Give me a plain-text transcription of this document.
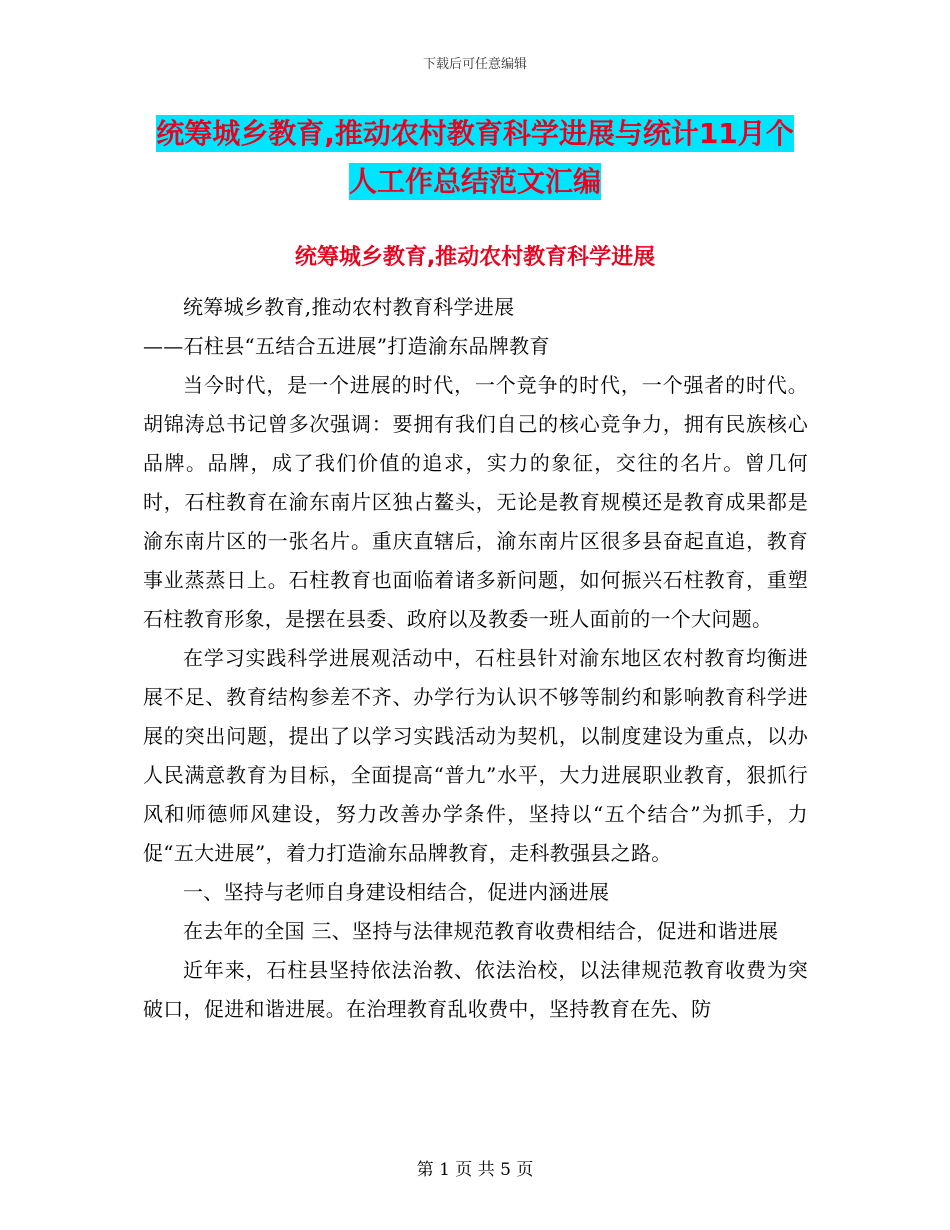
下载后可任意编辑
统筹城乡教育,推动农村教育科学进展与统计11月个
人工作总结范文汇编
统筹城乡教育,推动农村教育科学进展

统筹城乡教育,推动农村教育科学进展

——石柱县“五结合五进展”打造渝东品牌教育

当今时代，是一个进展的时代，一个竞争的时代，一个强者的时代。胡锦涛总书记曾多次强调：要拥有我们自己的核心竞争力，拥有民族核心品牌。品牌，成了我们价值的追求，实力的象征，交往的名片。曾几何时，石柱教育在渝东南片区独占鳌头，无论是教育规模还是教育成果都是渝东南片区的一张名片。重庆直辖后，渝东南片区很多县奋起直追，教育事业蒸蒸日上。石柱教育也面临着诸多新问题，如何振兴石柱教育，重塑石柱教育形象，是摆在县委、政府以及教委一班人面前的一个大问题。

在学习实践科学进展观活动中，石柱县针对渝东地区农村教育均衡进展不足、教育结构参差不齐、办学行为认识不够等制约和影响教育科学进展的突出问题，提出了以学习实践活动为契机，以制度建设为重点，以办人民满意教育为目标，全面提高“普九”水平，大力进展职业教育，狠抓行风和师德师风建设，努力改善办学条件，坚持以“五个结合”为抓手，力促“五大进展”，着力打造渝东品牌教育，走科教强县之路。

一、坚持与老师自身建设相结合，促进内涵进展

在去年的全国 三、坚持与法律规范教育收费相结合，促进和谐进展

近年来，石柱县坚持依法治教、依法治校，以法律规范教育收费为突破口，促进和谐进展。在治理教育乱收费中，坚持教育在先、防

第 1 页 共 5 页
